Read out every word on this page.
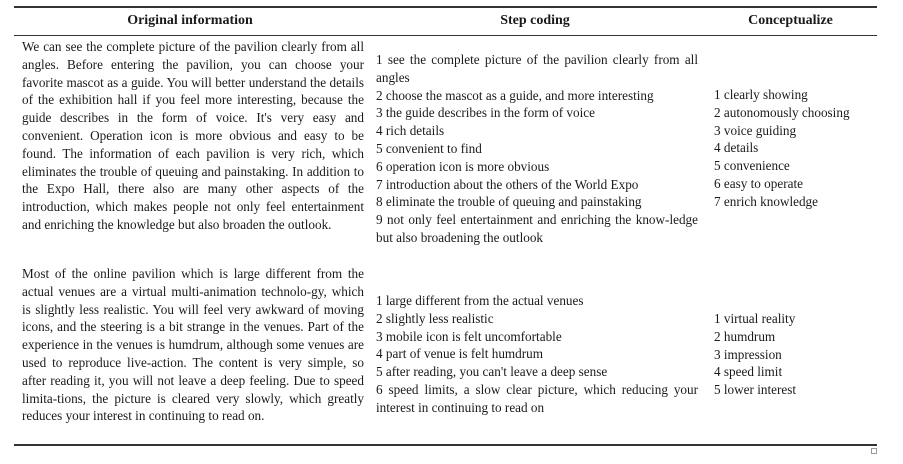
Original information	Step coding	Conceptualize

We can see the complete picture of the pavilion clearly from all angles. Before entering the pavilion, you can choose your favorite mascot as a guide. You will better understand the details of the exhibition hall if you feel more interesting, because the guide describes in the form of voice. It's very easy and convenient. Operation icon is more obvious and easy to be found. The information of each pavilion is very rich, which eliminates the trouble of queuing and painstaking. In addition to the Expo Hall, there also are many other aspects of the introduction, which makes people not only feel entertainment and enriching the knowledge but also broaden the outlook.

1 see the complete picture of the pavilion clearly from all angles
2 choose the mascot as a guide, and more interesting
3 the guide describes in the form of voice
4 rich details
5 convenient to find
6 operation icon is more obvious
7 introduction about the others of the World Expo
8 eliminate the trouble of queuing and painstaking
9 not only feel entertainment and enriching the know-ledge but also broadening the outlook
1 clearly showing
2 autonomously choosing
3 voice guiding
4 details
5 convenience
6 easy to operate
7 enrich knowledge

Most of the online pavilion which is large different from the actual venues are a virtual multi-animation technolo-gy, which is slightly less realistic. You will feel very awkward of moving icons, and the steering is a bit strange in the venues. Part of the experience in the venues is humdrum, although some venues are used to reproduce live-action. The content is very simple, so after reading it, you will not leave a deep feeling. Due to speed limita-tions, the picture is cleared very slowly, which greatly reduces your interest in continuing to read on.

1 large different from the actual venues
2 slightly less realistic
3 mobile icon is felt uncomfortable
4 part of venue is felt humdrum
5 after reading, you can't leave a deep sense
6 speed limits, a slow clear picture, which reducing your interest in continuing to read on
1 virtual reality
2 humdrum
3 impression
4 speed limit
5 lower interest
